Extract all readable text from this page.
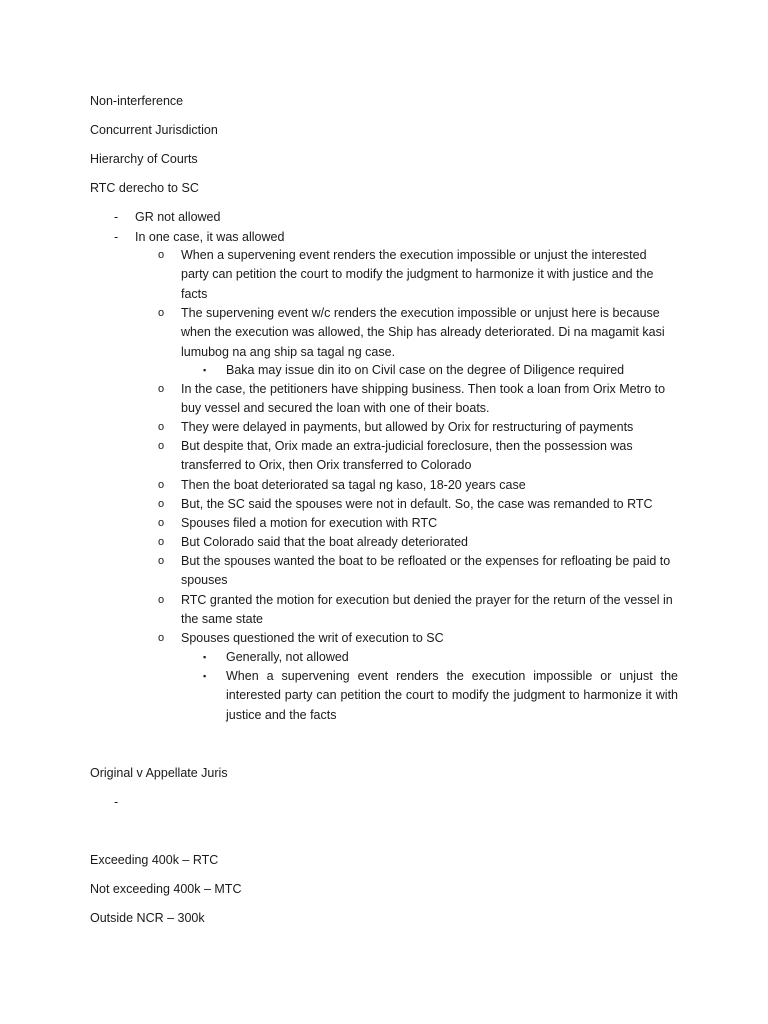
Non-interference
Concurrent Jurisdiction
Hierarchy of Courts
RTC derecho to SC
- GR not allowed
- In one case, it was allowed
o When a supervening event renders the execution impossible or unjust the interested party can petition the court to modify the judgment to harmonize it with justice and the facts
o The supervening event w/c renders the execution impossible or unjust here is because when the execution was allowed, the Ship has already deteriorated. Di na magamit kasi lumubog na ang ship sa tagal ng case.
▪ Baka may issue din ito on Civil case on the degree of Diligence required
o In the case, the petitioners have shipping business. Then took a loan from Orix Metro to buy vessel and secured the loan with one of their boats.
o They were delayed in payments, but allowed by Orix for restructuring of payments
o But despite that, Orix made an extra-judicial foreclosure, then the possession was transferred to Orix, then Orix transferred to Colorado
o Then the boat deteriorated sa tagal ng kaso, 18-20 years case
o But, the SC said the spouses were not in default. So, the case was remanded to RTC
o Spouses filed a motion for execution with RTC
o But Colorado said that the boat already deteriorated
o But the spouses wanted the boat to be refloated or the expenses for refloating be paid to spouses
o RTC granted the motion for execution but denied the prayer for the return of the vessel in the same state
o Spouses questioned the writ of execution to SC
▪ Generally, not allowed
▪ When a supervening event renders the execution impossible or unjust the interested party can petition the court to modify the judgment to harmonize it with justice and the facts
Original v Appellate Juris
-
Exceeding 400k – RTC
Not exceeding 400k – MTC
Outside NCR – 300k
